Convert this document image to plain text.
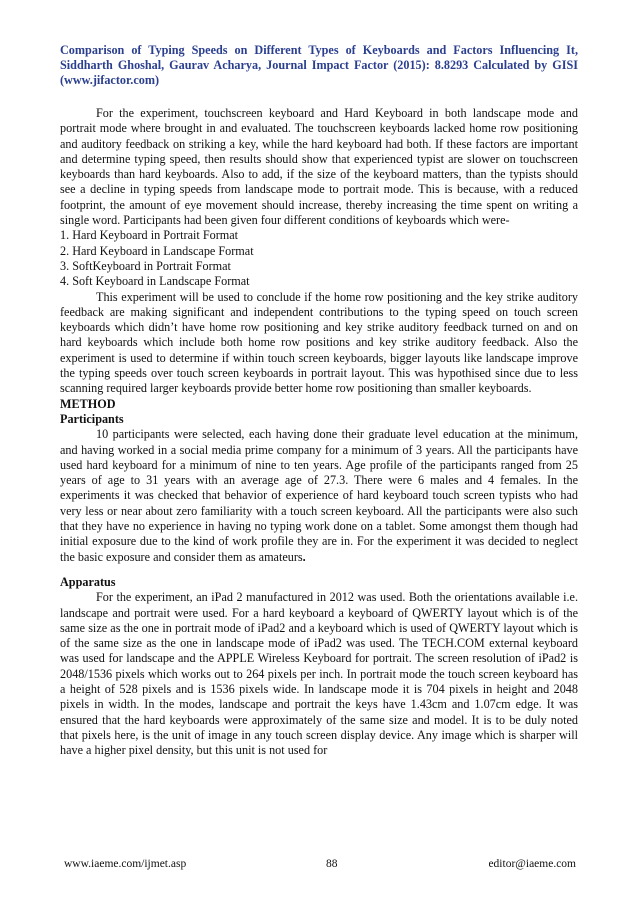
Comparison of Typing Speeds on Different Types of Keyboards and Factors Influencing It, Siddharth Ghoshal, Gaurav Acharya, Journal Impact Factor (2015): 8.8293 Calculated by GISI (www.jifactor.com)

For the experiment, touchscreen keyboard and Hard Keyboard in both landscape mode and portrait mode where brought in and evaluated. The touchscreen keyboards lacked home row positioning and auditory feedback on striking a key, while the hard keyboard had both. If these factors are important and determine typing speed, then results should show that experienced typist are slower on touchscreen keyboards than hard keyboards. Also to add, if the size of the keyboard matters, than the typists should see a decline in typing speeds from landscape mode to portrait mode. This is because, with a reduced footprint, the amount of eye movement should increase, thereby increasing the time spent on writing a single word. Participants had been given four different conditions of keyboards which were-

1. Hard Keyboard in Portrait Format
2. Hard Keyboard in Landscape Format
3. SoftKeyboard in Portrait Format
4. Soft Keyboard in Landscape Format

This experiment will be used to conclude if the home row positioning and the key strike auditory feedback are making significant and independent contributions to the typing speed on touch screen keyboards which didn’t have home row positioning and key strike auditory feedback turned on and on hard keyboards which include both home row positions and key strike auditory feedback. Also the experiment is used to determine if within touch screen keyboards, bigger layouts like landscape improve the typing speeds over touch screen keyboards in portrait layout. This was hypothised since due to less scanning required larger keyboards provide better home row positioning than smaller keyboards.

METHOD

Participants

10 participants were selected, each having done their graduate level education at the minimum, and having worked in a social media prime company for a minimum of 3 years. All the participants have used hard keyboard for a minimum of nine to ten years. Age profile of the participants ranged from 25 years of age to 31 years with an average age of 27.3. There were 6 males and 4 females. In the experiments it was checked that behavior of experience of hard keyboard touch screen typists who had very less or near about zero familiarity with a touch screen keyboard. All the participants were also such that they have no experience in having no typing work done on a tablet. Some amongst them though had initial exposure due to the kind of work profile they are in. For the experiment it was decided to neglect the basic exposure and consider them as amateurs.

Apparatus

For the experiment, an iPad 2 manufactured in 2012 was used. Both the orientations available i.e. landscape and portrait were used. For a hard keyboard a keyboard of QWERTY layout which is of the same size as the one in portrait mode of iPad2 and a keyboard which is used of QWERTY layout which is of the same size as the one in landscape mode of iPad2 was used. The TECH.COM external keyboard was used for landscape and the APPLE Wireless Keyboard for portrait. The screen resolution of iPad2 is 2048/1536 pixels which works out to 264 pixels per inch. In portrait mode the touch screen keyboard has a height of 528 pixels and is 1536 pixels wide. In landscape mode it is 704 pixels in height and 2048 pixels in width. In the modes, landscape and portrait the keys have 1.43cm and 1.07cm edge. It was ensured that the hard keyboards were approximately of the same size and model. It is to be duly noted that pixels here, is the unit of image in any touch screen display device. Any image which is sharper will have a higher pixel density, but this unit is not used for

www.iaeme.com/ijmet.asp	88	editor@iaeme.com
